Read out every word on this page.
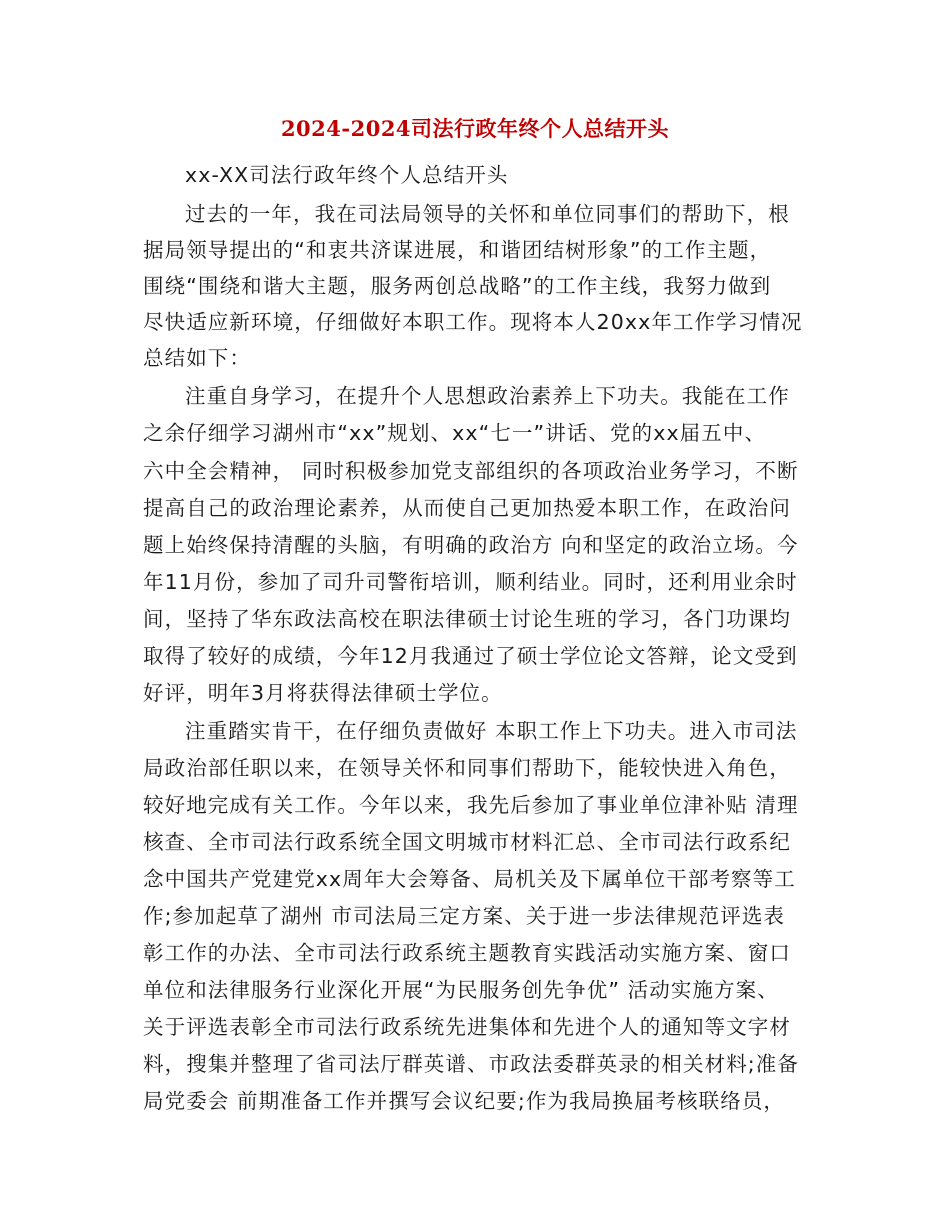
2024-2024司法行政年终个人总结开头
xx-XX司法行政年终个人总结开头
过去的一年，我在司法局领导的关怀和单位同事们的帮助下，根
据局领导提出的“和衷共济谋进展，和谐团结树形象”的工作主题，
围绕“围绕和谐大主题，服务两创总战略”的工作主线，我努力做到
尽快适应新环境，仔细做好本职工作。现将本人20xx年工作学习情况
总结如下：
注重自身学习，在提升个人思想政治素养上下功夫。我能在工作
之余仔细学习湖州市“xx”规划、xx“七一”讲话、党的xx届五中、
六中全会精神， 同时积极参加党支部组织的各项政治业务学习，不断
提高自己的政治理论素养，从而使自己更加热爱本职工作，在政治问
题上始终保持清醒的头脑，有明确的政治方 向和坚定的政治立场。今
年11月份，参加了司升司警衔培训，顺利结业。同时，还利用业余时
间，坚持了华东政法高校在职法律硕士讨论生班的学习，各门功课均
取得了较好的成绩，今年12月我通过了硕士学位论文答辩，论文受到
好评，明年3月将获得法律硕士学位。
注重踏实肯干，在仔细负责做好 本职工作上下功夫。进入市司法
局政治部任职以来，在领导关怀和同事们帮助下，能较快进入角色，
较好地完成有关工作。今年以来，我先后参加了事业单位津补贴 清理
核查、全市司法行政系统全国文明城市材料汇总、全市司法行政系纪
念中国共产党建党xx周年大会筹备、局机关及下属单位干部考察等工
作;参加起草了湖州 市司法局三定方案、关于进一步法律规范评选表
彰工作的办法、全市司法行政系统主题教育实践活动实施方案、窗口
单位和法律服务行业深化开展“为民服务创先争优” 活动实施方案、
关于评选表彰全市司法行政系统先进集体和先进个人的通知等文字材
料，搜集并整理了省司法厅群英谱、市政法委群英录的相关材料;准备
局党委会 前期准备工作并撰写会议纪要;作为我局换届考核联络员，
